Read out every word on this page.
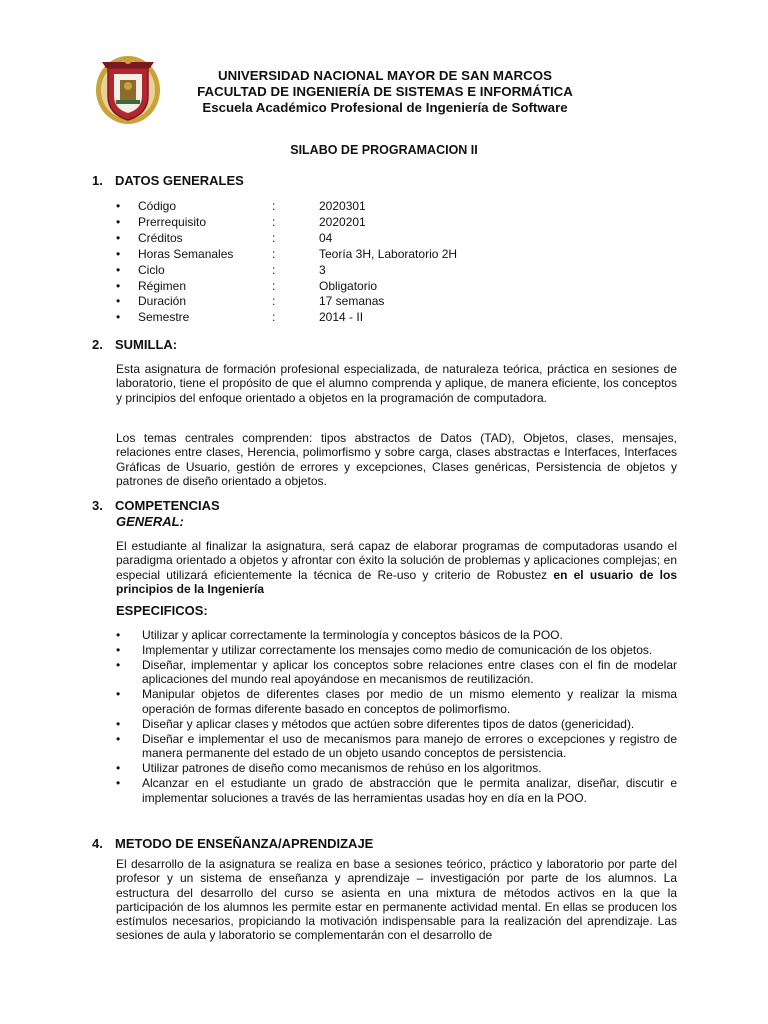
UNIVERSIDAD NACIONAL MAYOR DE SAN MARCOS
FACULTAD DE INGENIERÍA DE SISTEMAS E INFORMÁTICA
Escuela Académico Profesional de Ingeniería de Software
SILABO DE PROGRAMACION II
1. DATOS GENERALES
• Código	:	2020301
• Prerrequisito	:	2020201
• Créditos	:	04
• Horas Semanales	:	Teoría 3H, Laboratorio 2H
• Ciclo	:	3
• Régimen	:	Obligatorio
• Duración	:	17 semanas
• Semestre	:	2014 - II
2. SUMILLA:
Esta asignatura de formación profesional especializada, de naturaleza teórica, práctica en sesiones de laboratorio, tiene el propósito de que el alumno comprenda y aplique, de manera eficiente, los conceptos y principios del enfoque orientado a objetos en la programación de computadora.
Los temas centrales comprenden: tipos abstractos de Datos (TAD), Objetos, clases, mensajes, relaciones entre clases, Herencia, polimorfismo y sobre carga, clases abstractas e Interfaces, Interfaces Gráficas de Usuario, gestión de errores y excepciones, Clases genéricas, Persistencia de objetos y patrones de diseño orientado a objetos.
3. COMPETENCIAS
GENERAL:
El estudiante al finalizar la asignatura, será capaz de elaborar programas de computadoras usando el paradigma orientado a objetos y afrontar con éxito la solución de problemas y aplicaciones complejas; en especial utilizará eficientemente la técnica de Re-uso y criterio de Robustez en el usuario de los principios de la Ingeniería
ESPECIFICOS:
• Utilizar y aplicar correctamente la terminología y conceptos básicos de la POO.
• Implementar y utilizar correctamente los mensajes como medio de comunicación de los objetos.
• Diseñar, implementar y aplicar los conceptos sobre relaciones entre clases con el fin de modelar aplicaciones del mundo real apoyándose en mecanismos de reutilización.
• Manipular objetos de diferentes clases por medio de un mismo elemento y realizar la misma operación de formas diferente basado en conceptos de polimorfismo.
• Diseñar y aplicar clases y métodos que actúen sobre diferentes tipos de datos (genericidad).
• Diseñar e implementar el uso de mecanismos para manejo de errores o excepciones y registro de manera permanente del estado de un objeto usando conceptos de persistencia.
• Utilizar patrones de diseño como mecanismos de rehúso en los algoritmos.
• Alcanzar en el estudiante un grado de abstracción que le permita analizar, diseñar, discutir e implementar soluciones a través de las herramientas usadas hoy en día en la POO.
4. METODO DE ENSEÑANZA/APRENDIZAJE
El desarrollo de la asignatura se realiza en base a sesiones teórico, práctico y laboratorio por parte del profesor y un sistema de enseñanza y aprendizaje – investigación por parte de los alumnos. La estructura del desarrollo del curso se asienta en una mixtura de métodos activos en la que la participación de los alumnos les permite estar en permanente actividad mental. En ellas se producen los estímulos necesarios, propiciando la motivación indispensable para la realización del aprendizaje. Las sesiones de aula y laboratorio se complementarán con el desarrollo de
